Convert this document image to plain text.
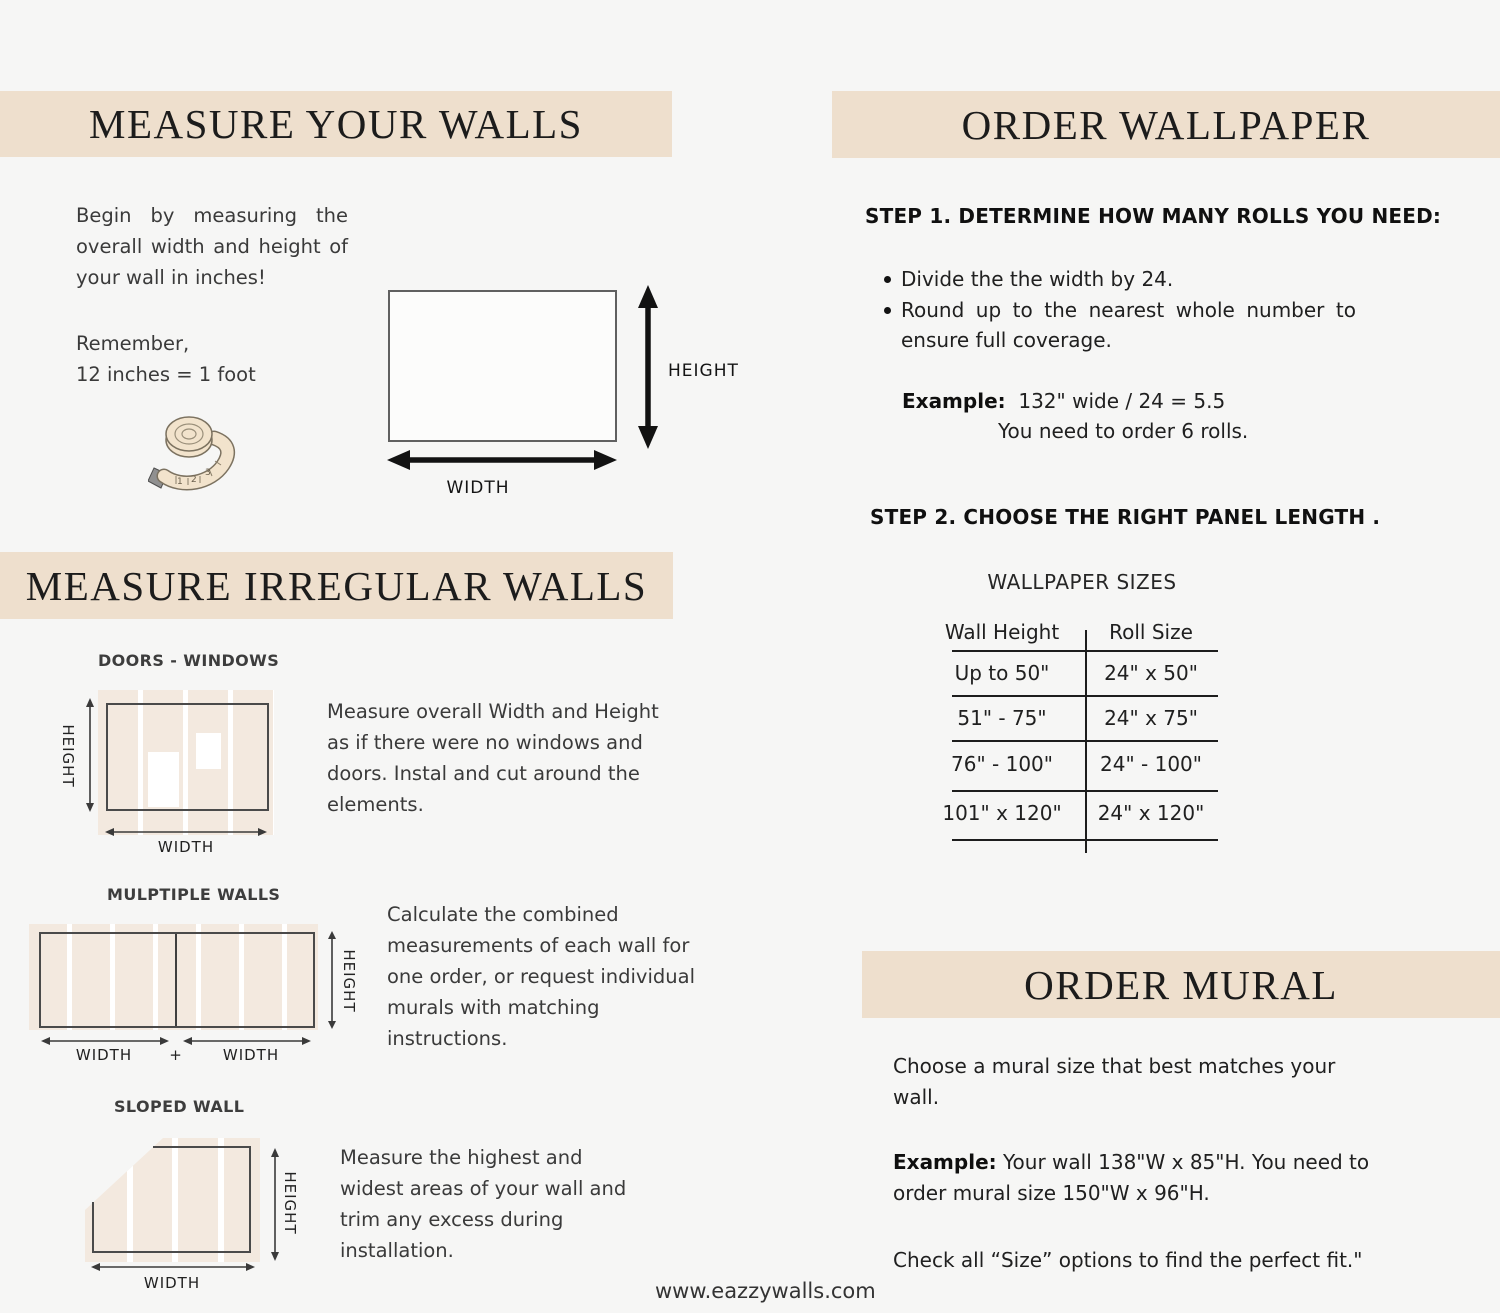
MEASURE YOUR WALLS
Begin by measuring the overall width and height of your wall in inches!
Remember,
12 inches = 1 foot
1 2
3
HEIGHT
WIDTH
MEASURE IRREGULAR WALLS
DOORS - WINDOWS
HEIGHT
WIDTH
Measure overall Width and Height as if there were no windows and doors. Instal and cut around the elements.
MULPTIPLE WALLS
HEIGHT
WIDTH	+	WIDTH
Calculate the combined measurements of each wall for one order, or request individual murals with matching instructions.
SLOPED WALL
HEIGHT
WIDTH
Measure the highest and widest areas of your wall and trim any excess during installation.
ORDER WALLPAPER
STEP 1. DETERMINE HOW MANY ROLLS YOU NEED:
Divide the the width by 24.
Round up to the nearest whole number to ensure full coverage.
Example: 132" wide / 24 = 5.5
You need to order 6 rolls.
STEP 2. CHOOSE THE RIGHT PANEL LENGTH .
WALLPAPER SIZES
Wall Height	Roll Size
Up to 50"	24" x 50"
51" - 75"	24" x 75"
76" - 100"	24" - 100"
101" x 120"	24" x 120"
ORDER MURAL
Choose a mural size that best matches your wall.
Example: Your wall 138"W x 85"H. You need to order mural size 150"W x 96"H.
Check all “Size” options to find the perfect fit."
www.eazzywalls.com
